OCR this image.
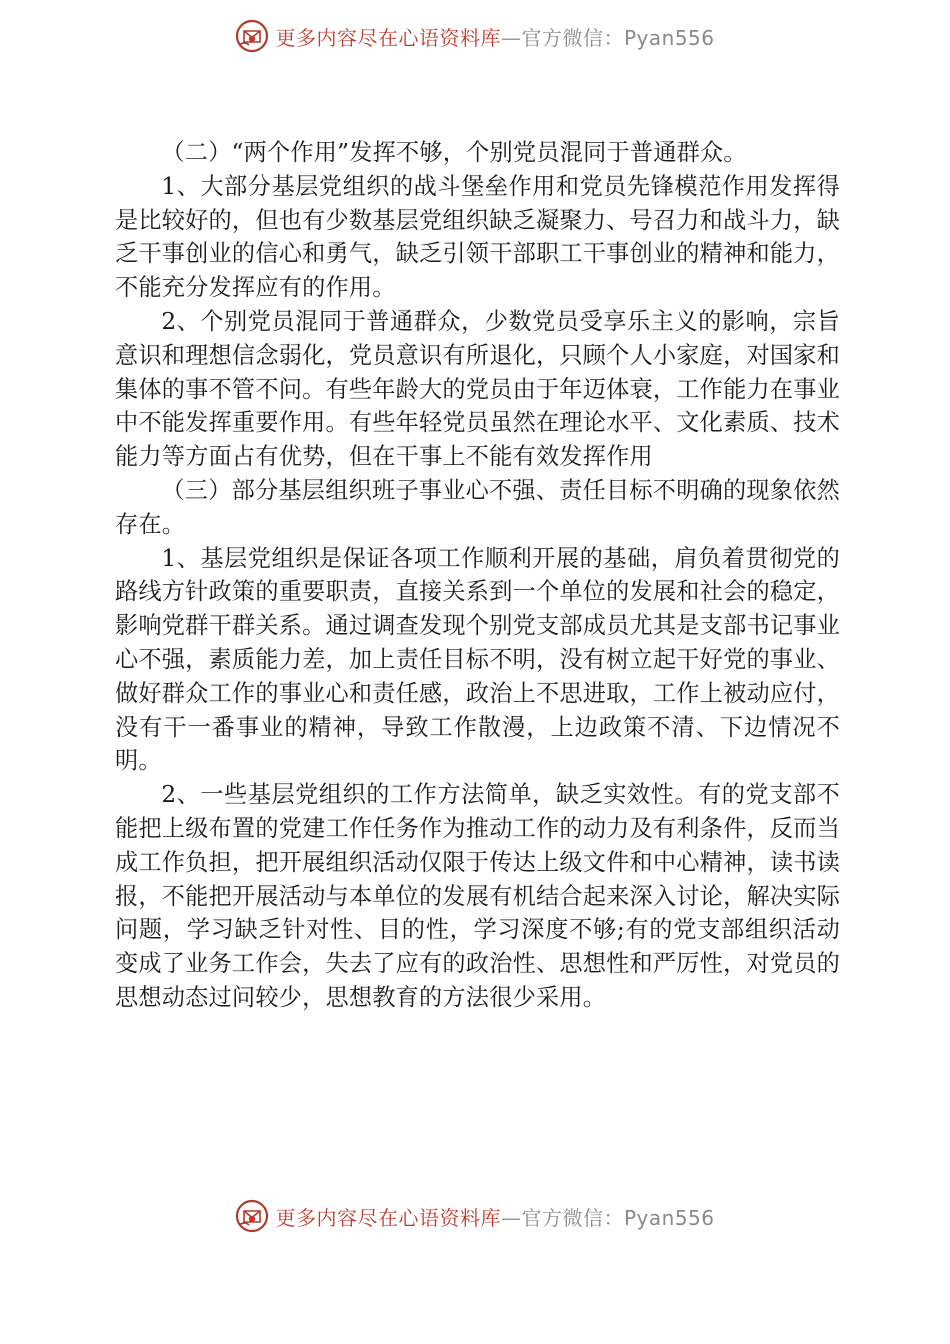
更多内容尽在心语资料库—官方微信：Pyan556

（二）“两个作用”发挥不够，个别党员混同于普通群众。

1、大部分基层党组织的战斗堡垒作用和党员先锋模范作用发挥得是比较好的，但也有少数基层党组织缺乏凝聚力、号召力和战斗力，缺乏干事创业的信心和勇气，缺乏引领干部职工干事创业的精神和能力，不能充分发挥应有的作用。

2、个别党员混同于普通群众，少数党员受享乐主义的影响，宗旨意识和理想信念弱化，党员意识有所退化，只顾个人小家庭，对国家和集体的事不管不问。有些年龄大的党员由于年迈体衰，工作能力在事业中不能发挥重要作用。有些年轻党员虽然在理论水平、文化素质、技术能力等方面占有优势，但在干事上不能有效发挥作用

（三）部分基层组织班子事业心不强、责任目标不明确的现象依然存在。

1、基层党组织是保证各项工作顺利开展的基础，肩负着贯彻党的路线方针政策的重要职责，直接关系到一个单位的发展和社会的稳定，影响党群干群关系。通过调查发现个别党支部成员尤其是支部书记事业心不强，素质能力差，加上责任目标不明，没有树立起干好党的事业、做好群众工作的事业心和责任感，政治上不思进取，工作上被动应付，没有干一番事业的精神，导致工作散漫，上边政策不清、下边情况不明。

2、一些基层党组织的工作方法简单，缺乏实效性。有的党支部不能把上级布置的党建工作任务作为推动工作的动力及有利条件，反而当成工作负担，把开展组织活动仅限于传达上级文件和中心精神，读书读报，不能把开展活动与本单位的发展有机结合起来深入讨论，解决实际问题，学习缺乏针对性、目的性，学习深度不够;有的党支部组织活动变成了业务工作会，失去了应有的政治性、思想性和严厉性，对党员的思想动态过问较少，思想教育的方法很少采用。

更多内容尽在心语资料库—官方微信：Pyan556
